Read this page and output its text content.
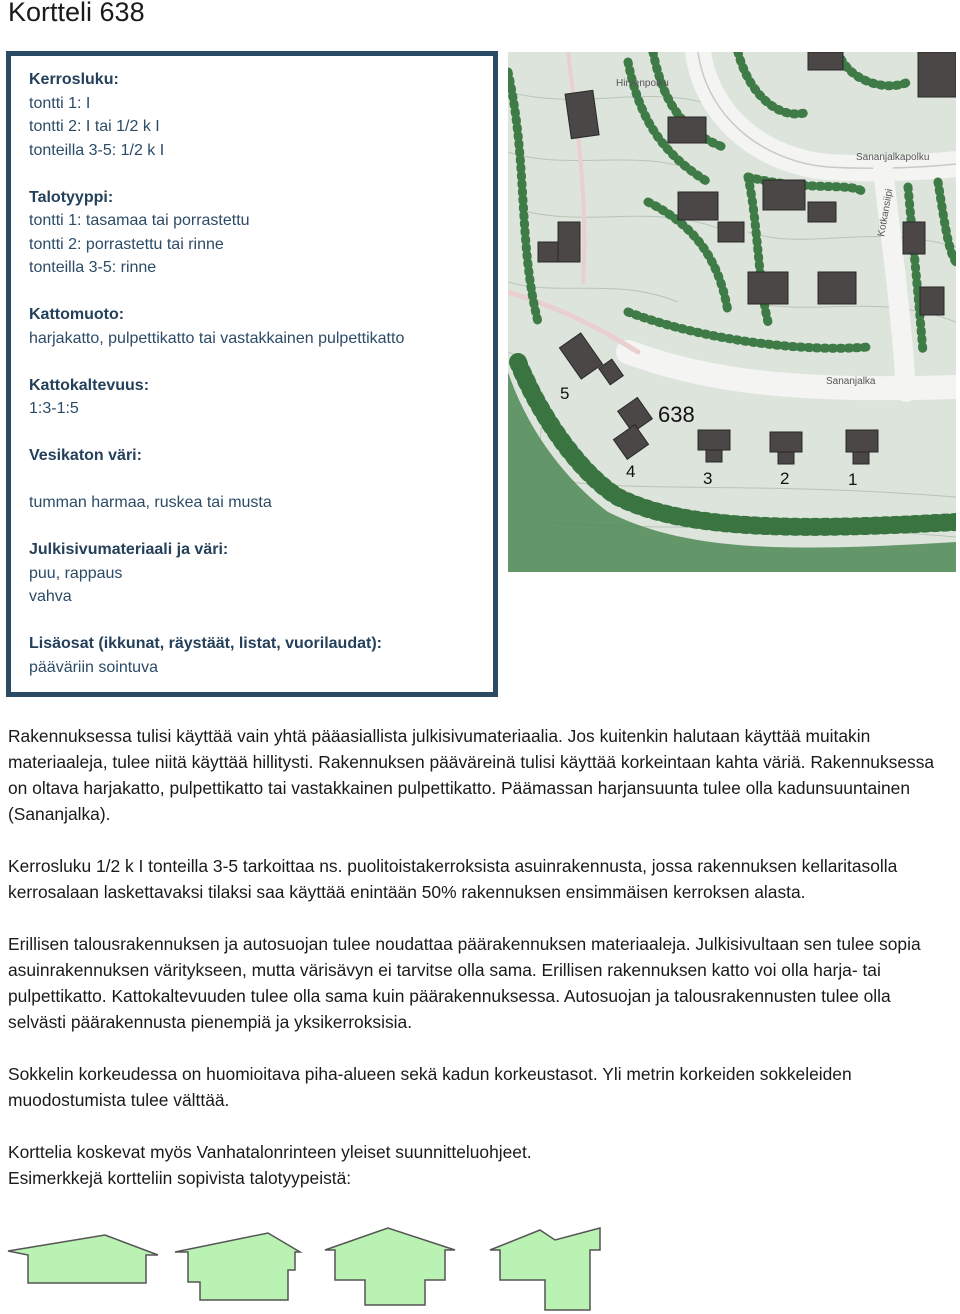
Kortteli 638
Kerrosluku:
tontti 1: I
tontti 2: I tai 1/2 k I
tonteilla 3-5: 1/2 k I
Talotyyppi:
tontti 1: tasamaa tai porrastettu
tontti 2: porrastettu tai rinne
tonteilla 3-5: rinne
Kattomuoto:
harjakatto, pulpettikatto tai vastakkainen pulpettikatto
Kattokaltevuus:
1:3-1:5
Vesikaton väri:
tumman harmaa, ruskea tai musta
Julkisivumateriaali ja väri:
puu, rappaus
vahva
Lisäosat (ikkunat, räystäät, listat, vuorilaudat):
pääväriin sointuva
638
1
2
3
4
5
Sananjalka
Hirvenpolku
Sananjalkapolku
Kotkansiipi

Rakennuksessa tulisi käyttää vain yhtä pääasiallista julkisivumateriaalia. Jos kuitenkin halutaan käyttää muitakin materiaaleja, tulee niitä käyttää hillitysti. Rakennuksen pääväreinä tulisi käyttää korkeintaan kahta väriä. Rakennuksessa on oltava harjakatto, pulpettikatto tai vastakkainen pulpettikatto. Päämassan harjansuunta tulee olla kadunsuuntainen (Sananjalka).

Kerrosluku 1/2 k I tonteilla 3-5 tarkoittaa ns. puolitoistakerroksista asuinrakennusta, jossa rakennuksen kellaritasolla kerrosalaan laskettavaksi tilaksi saa käyttää enintään 50% rakennuksen ensimmäisen kerroksen alasta.

Erillisen talousrakennuksen ja autosuojan tulee noudattaa päärakennuksen materiaaleja. Julkisivultaan sen tulee sopia asuinrakennuksen väritykseen, mutta värisävyn ei tarvitse olla sama. Erillisen rakennuksen katto voi olla harja- tai pulpettikatto. Kattokaltevuuden tulee olla sama kuin päärakennuksessa. Autosuojan ja talousrakennusten tulee olla selvästi päärakennusta pienempiä ja yksikerroksisia.

Sokkelin korkeudessa on huomioitava piha-alueen sekä kadun korkeustasot. Yli metrin korkeiden sokkeleiden muodostumista tulee välttää.

Korttelia koskevat myös Vanhatalonrinteen yleiset suunnitteluohjeet.

Esimerkkejä kortteliin sopivista talotyypeistä:
